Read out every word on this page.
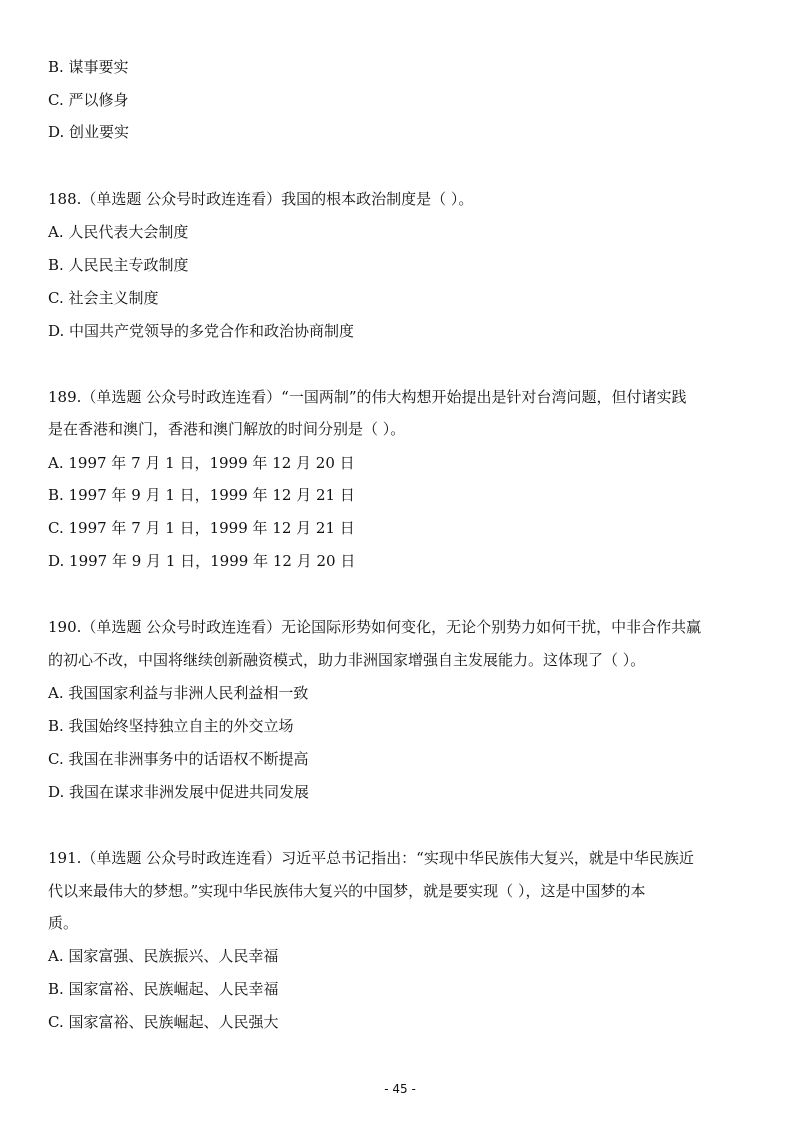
B. 谋事要实
C. 严以修身
D. 创业要实
188.（单选题 公众号时政连连看）我国的根本政治制度是（ ）。
A. 人民代表大会制度
B. 人民民主专政制度
C. 社会主义制度
D. 中国共产党领导的多党合作和政治协商制度
189.（单选题 公众号时政连连看）“一国两制”的伟大构想开始提出是针对台湾问题，但付诸实践
是在香港和澳门，香港和澳门解放的时间分别是（ ）。
A. 1997 年 7 月 1 日，1999 年 12 月 20 日
B. 1997 年 9 月 1 日，1999 年 12 月 21 日
C. 1997 年 7 月 1 日，1999 年 12 月 21 日
D. 1997 年 9 月 1 日，1999 年 12 月 20 日
190.（单选题 公众号时政连连看）无论国际形势如何变化，无论个别势力如何干扰，中非合作共赢
的初心不改，中国将继续创新融资模式，助力非洲国家增强自主发展能力。这体现了（ ）。
A. 我国国家利益与非洲人民利益相一致
B. 我国始终坚持独立自主的外交立场
C. 我国在非洲事务中的话语权不断提高
D. 我国在谋求非洲发展中促进共同发展
191.（单选题 公众号时政连连看）习近平总书记指出：“实现中华民族伟大复兴，就是中华民族近
代以来最伟大的梦想。”实现中华民族伟大复兴的中国梦，就是要实现（ ），这是中国梦的本
质。
A. 国家富强、民族振兴、人民幸福
B. 国家富裕、民族崛起、人民幸福
C. 国家富裕、民族崛起、人民强大
- 45 -
